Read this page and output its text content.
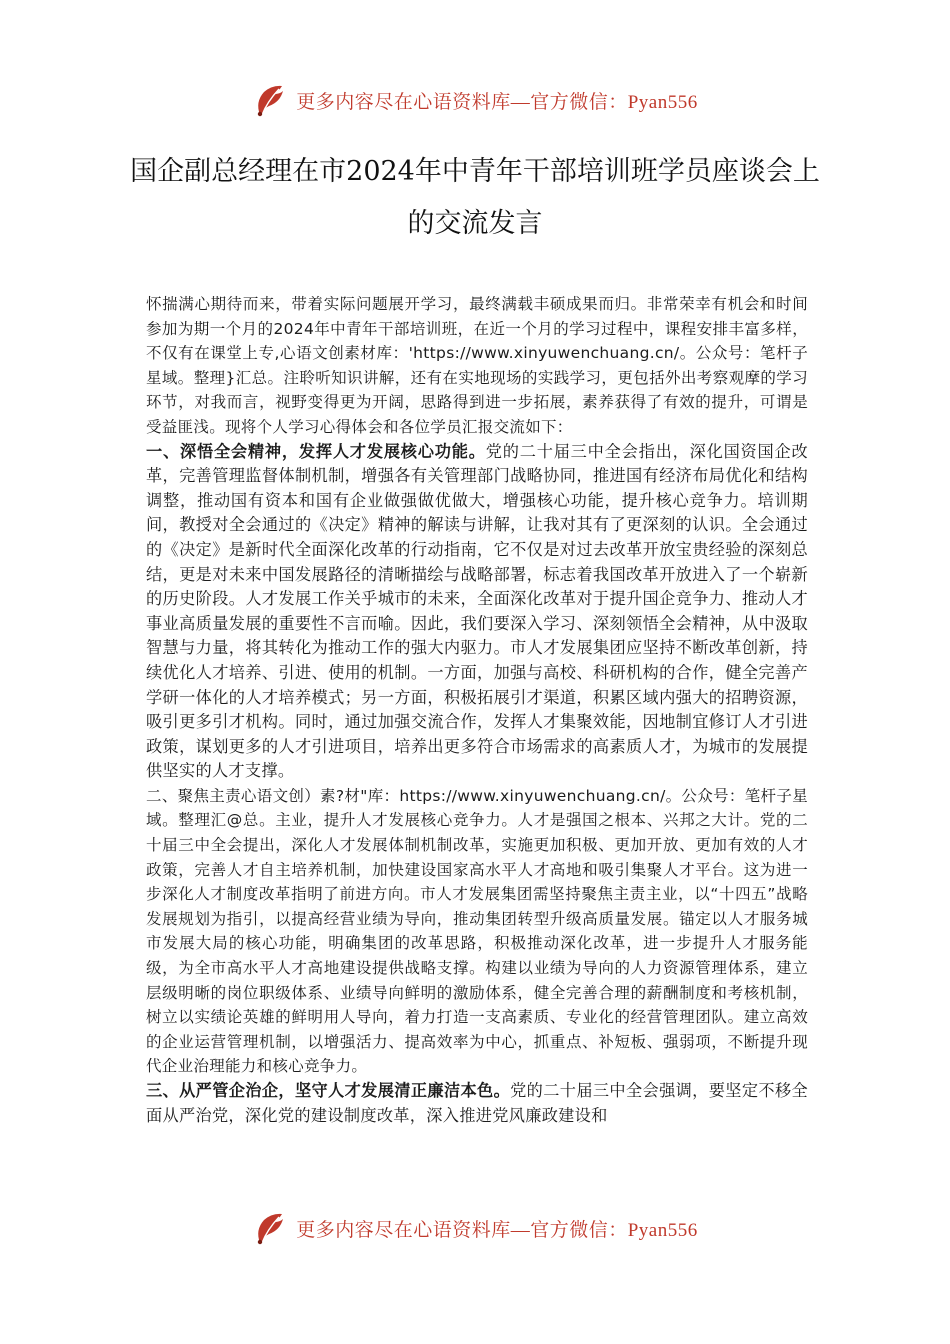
更多内容尽在心语资料库—官方微信：Pyan556
国企副总经理在市2024年中青年干部培训班学员座谈会上的交流发言

怀揣满心期待而来，带着实际问题展开学习，最终满载丰硕成果而归。非常荣幸有机会和时间参加为期一个月的2024年中青年干部培训班，在近一个月的学习过程中，课程安排丰富多样，不仅有在课堂上专,心语文创素材库：'https://www.xinyuwenchuang.cn/。公众号：笔杆子星域。整理}汇总。注聆听知识讲解，还有在实地现场的实践学习，更包括外出考察观摩的学习环节，对我而言，视野变得更为开阔，思路得到进一步拓展，素养获得了有效的提升，可谓是受益匪浅。现将个人学习心得体会和各位学员汇报交流如下：

一、深悟全会精神，发挥人才发展核心功能。党的二十届三中全会指出，深化国资国企改革，完善管理监督体制机制，增强各有关管理部门战略协同，推进国有经济布局优化和结构调整，推动国有资本和国有企业做强做优做大，增强核心功能，提升核心竞争力。培训期间，教授对全会通过的《决定》精神的解读与讲解，让我对其有了更深刻的认识。全会通过的《决定》是新时代全面深化改革的行动指南，它不仅是对过去改革开放宝贵经验的深刻总结，更是对未来中国发展路径的清晰描绘与战略部署，标志着我国改革开放进入了一个崭新的历史阶段。人才发展工作关乎城市的未来，全面深化改革对于提升国企竞争力、推动人才事业高质量发展的重要性不言而喻。因此，我们要深入学习、深刻领悟全会精神，从中汲取智慧与力量，将其转化为推动工作的强大内驱力。市人才发展集团应坚持不断改革创新，持续优化人才培养、引进、使用的机制。一方面，加强与高校、科研机构的合作，健全完善产学研一体化的人才培养模式；另一方面，积极拓展引才渠道，积累区域内强大的招聘资源，吸引更多引才机构。同时，通过加强交流合作，发挥人才集聚效能，因地制宜修订人才引进政策，谋划更多的人才引进项目，培养出更多符合市场需求的高素质人才，为城市的发展提供坚实的人才支撑。

二、聚焦主责心语文创）素?材"库：https://www.xinyuwenchuang.cn/。公众号：笔杆子星域。整理汇@总。主业，提升人才发展核心竞争力。人才是强国之根本、兴邦之大计。党的二十届三中全会提出，深化人才发展体制机制改革，实施更加积极、更加开放、更加有效的人才政策，完善人才自主培养机制，加快建设国家高水平人才高地和吸引集聚人才平台。这为进一步深化人才制度改革指明了前进方向。市人才发展集团需坚持聚焦主责主业，以“十四五”战略发展规划为指引，以提高经营业绩为导向，推动集团转型升级高质量发展。锚定以人才服务城市发展大局的核心功能，明确集团的改革思路，积极推动深化改革，进一步提升人才服务能级，为全市高水平人才高地建设提供战略支撑。构建以业绩为导向的人力资源管理体系，建立层级明晰的岗位职级体系、业绩导向鲜明的激励体系，健全完善合理的薪酬制度和考核机制，树立以实绩论英雄的鲜明用人导向，着力打造一支高素质、专业化的经营管理团队。建立高效的企业运营管理机制，以增强活力、提高效率为中心，抓重点、补短板、强弱项，不断提升现代企业治理能力和核心竞争力。

三、从严管企治企，坚守人才发展清正廉洁本色。党的二十届三中全会强调，要坚定不移全面从严治党，深化党的建设制度改革，深入推进党风廉政建设和

更多内容尽在心语资料库—官方微信：Pyan556
